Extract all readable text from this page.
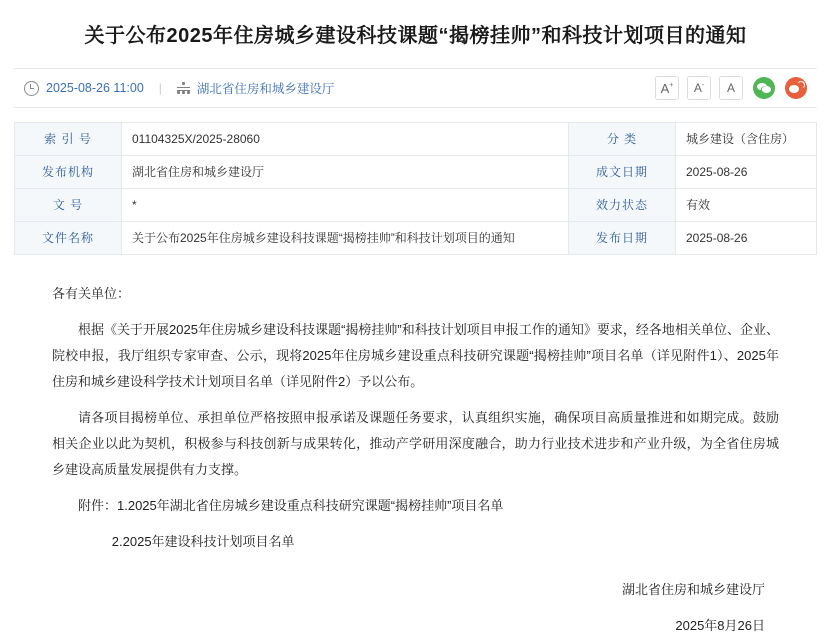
关于公布2025年住房城乡建设科技课题“揭榜挂帅”和科技计划项目的通知
2025-08-26 11:00 |	湖北省住房和城乡建设厅	A+ A- A
索 引 号	01104325X/2025-28060	分 类	城乡建设（含住房）
发布机构	湖北省住房和城乡建设厅	成文日期	2025-08-26
文 号	*	效力状态	有效
文件名称	关于公布2025年住房城乡建设科技课题“揭榜挂帅”和科技计划项目的通知	发布日期	2025-08-26

各有关单位：

根据《关于开展2025年住房城乡建设科技课题“揭榜挂帅”和科技计划项目申报工作的通知》要求，经各地相关单位、企业、院校申报，我厅组织专家审查、公示，现将2025年住房城乡建设重点科技研究课题“揭榜挂帅”项目名单（详见附件1）、2025年住房和城乡建设科学技术计划项目名单（详见附件2）予以公布。

请各项目揭榜单位、承担单位严格按照申报承诺及课题任务要求，认真组织实施，确保项目高质量推进和如期完成。鼓励相关企业以此为契机，积极参与科技创新与成果转化，推动产学研用深度融合，助力行业技术进步和产业升级，为全省住房城乡建设高质量发展提供有力支撑。

附件：1.2025年湖北省住房城乡建设重点科技研究课题“揭榜挂帅”项目名单

2.2025年建设科技计划项目名单

湖北省住房和城乡建设厅
2025年8月26日
